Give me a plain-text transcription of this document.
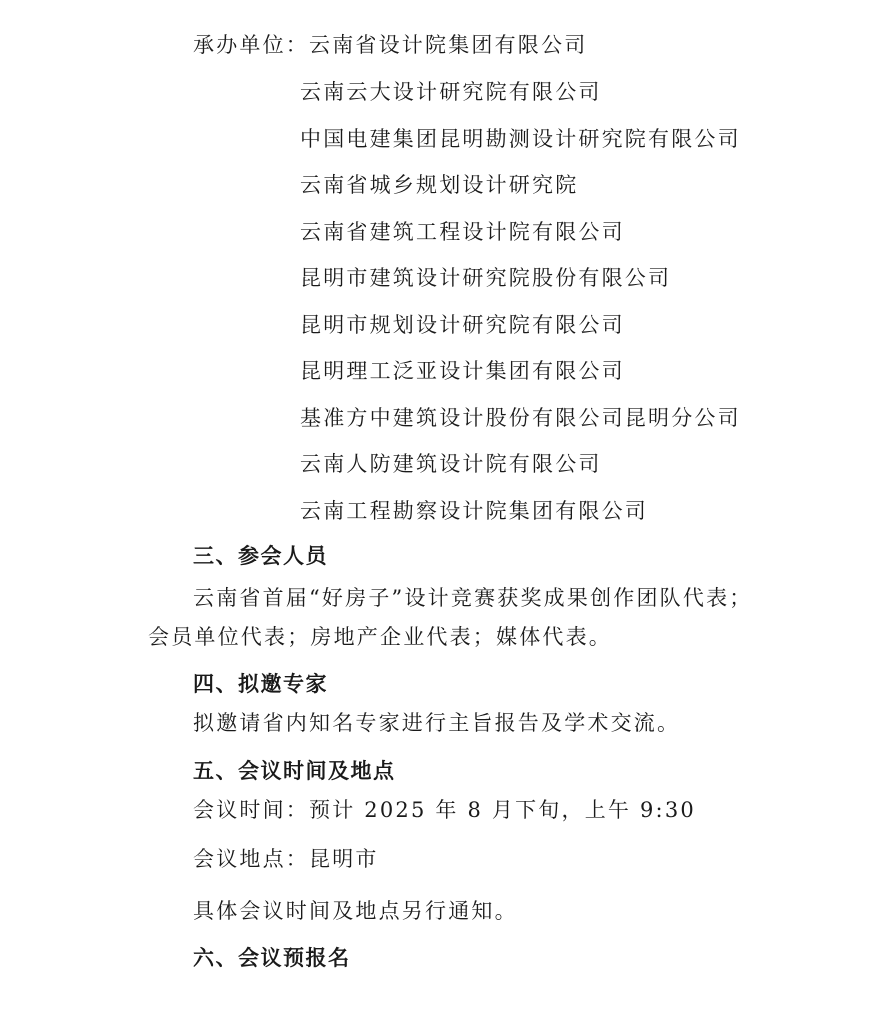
承办单位：云南省设计院集团有限公司
云南云大设计研究院有限公司
中国电建集团昆明勘测设计研究院有限公司
云南省城乡规划设计研究院
云南省建筑工程设计院有限公司
昆明市建筑设计研究院股份有限公司
昆明市规划设计研究院有限公司
昆明理工泛亚设计集团有限公司
基准方中建筑设计股份有限公司昆明分公司
云南人防建筑设计院有限公司
云南工程勘察设计院集团有限公司
三、参会人员
云南省首届“好房子”设计竞赛获奖成果创作团队代表；
会员单位代表；房地产企业代表；媒体代表。
四、拟邀专家
拟邀请省内知名专家进行主旨报告及学术交流。
五、会议时间及地点
会议时间：预计 2025 年 8 月下旬，上午 9:30
会议地点：昆明市
具体会议时间及地点另行通知。
六、会议预报名
